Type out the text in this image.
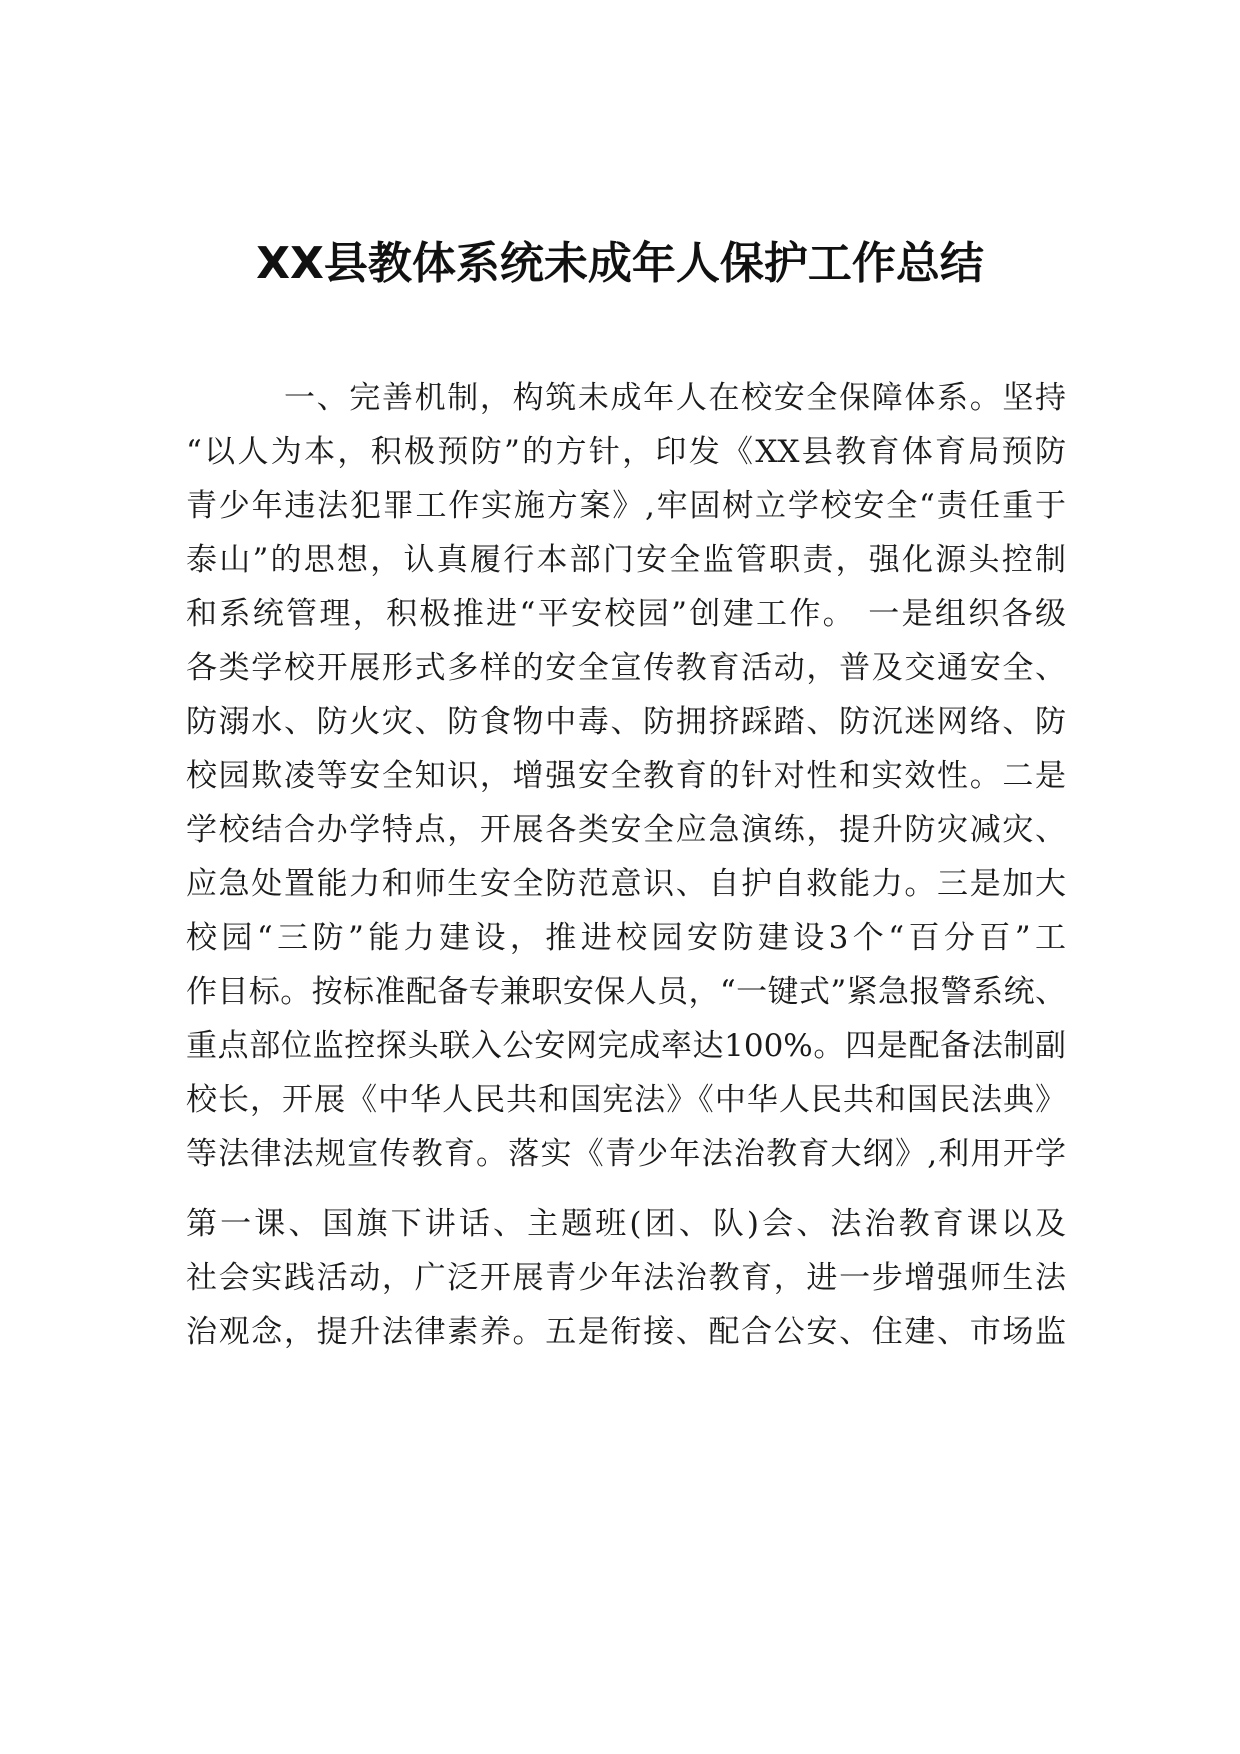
XX县教体系统未成年人保护工作总结
一、完善机制，构筑未成年人在校安全保障体系。坚持
“以人为本，积极预防”的方针，印发《XX县教育体育局预防
青少年违法犯罪工作实施方案》,牢固树立学校安全“责任重于
泰山”的思想，认真履行本部门安全监管职责，强化源头控制
和系统管理，积极推进“平安校园”创建工作。 一是组织各级
各类学校开展形式多样的安全宣传教育活动，普及交通安全、
防溺水、防火灾、防食物中毒、防拥挤踩踏、防沉迷网络、防
校园欺凌等安全知识，增强安全教育的针对性和实效性。二是
学校结合办学特点，开展各类安全应急演练，提升防灾减灾、
应急处置能力和师生安全防范意识、自护自救能力。三是加大
校园“三防”能力建设，推进校园安防建设3个“百分百”工
作目标。按标准配备专兼职安保人员，“一键式”紧急报警系统、
重点部位监控探头联入公安网完成率达100%。四是配备法制副
校长，开展《中华人民共和国宪法》《中华人民共和国民法典》
等法律法规宣传教育。落实《青少年法治教育大纲》,利用开学
第一课、国旗下讲话、主题班(团、队)会、法治教育课以及
社会实践活动，广泛开展青少年法治教育，进一步增强师生法
治观念，提升法律素养。五是衔接、配合公安、住建、市场监
